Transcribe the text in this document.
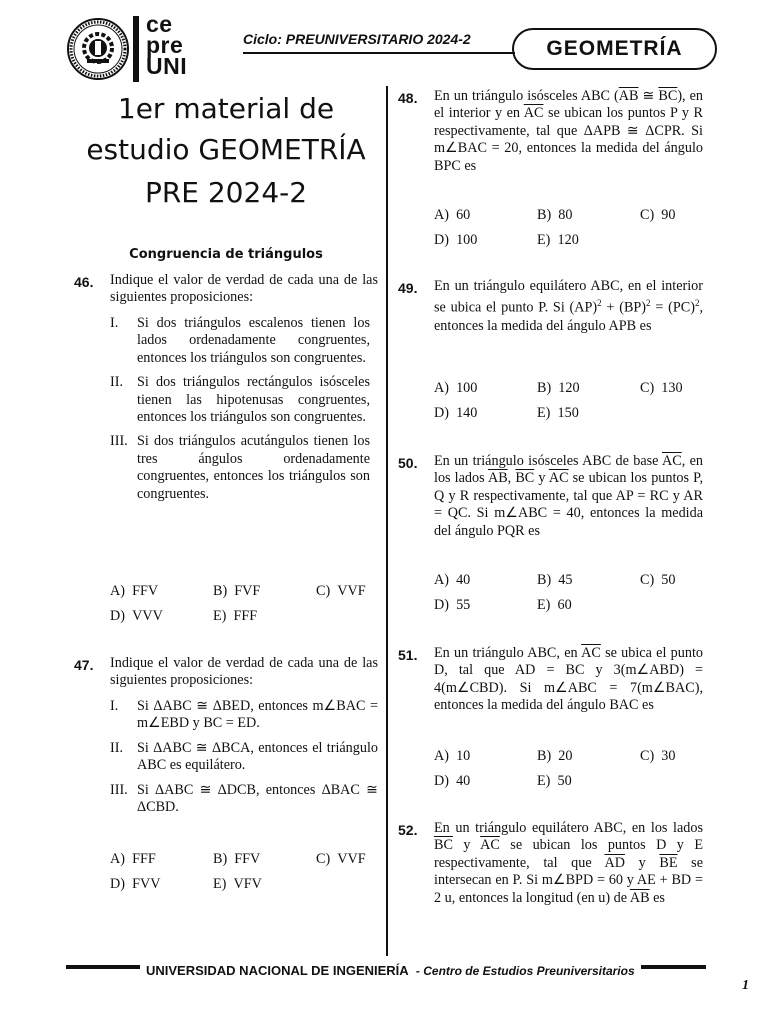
ce
pre
UNI
Ciclo: PREUNIVERSITARIO 2024-2	GEOMETRÍA
1er material de
estudio GEOMETRÍA
PRE 2024-2
Congruencia de triángulos
46. Indique el valor de verdad de cada una de las siguientes proposiciones:
I.	Si dos triángulos escalenos tienen los lados ordenadamente congruentes, entonces los triángulos son congruentes.
II. Si dos triángulos rectángulos isósceles tienen las hipotenusas congruentes, entonces los triángulos son congruentes.
III. Si dos triángulos acutángulos tienen los tres ángulos ordenadamente congruentes, entonces los triángulos son congruentes.
A) FFV	B) FVF	C) VVF
D) VVV	E) FFF
47. Indique el valor de verdad de cada una de las siguientes proposiciones:
I.	Si ΔABC ≅ ΔBED, entonces m∠BAC = m∠EBD y BC = ED.
II. Si ΔABC ≅ ΔBCA, entonces el triángulo ABC es equilátero.
III. Si ΔABC ≅ ΔDCB, entonces ΔBAC ≅ ΔCBD.
A) FFF	B) FFV	C) VVF
D) FVV	E) VFV
48. En un triángulo isósceles ABC ($\overline{AB}$ ≅ $\overline{BC}$), en el interior y en $\overline{AC}$ se ubican los puntos P y R respectivamente, tal que ΔAPB ≅ ΔCPR. Si m∠BAC = 20, entonces la medida del ángulo BPC es
A) 60	B) 80	C) 90
D) 100	E) 120
49. En un triángulo equilátero ABC, en el interior se ubica el punto P. Si (AP)$^2$ + (BP)$^2$ = (PC)$^2$, entonces la medida del ángulo APB es
A) 100	B) 120	C) 130
D) 140	E) 150
50. En un triángulo isósceles ABC de base $\overline{AC}$, en los lados $\overline{AB}$, $\overline{BC}$ y $\overline{AC}$ se ubican los puntos P, Q y R respectivamente, tal que AP = RC y AR = QC. Si m∠ABC = 40, entonces la medida del ángulo PQR es
A) 40	B) 45	C) 50
D) 55	E) 60
51. En un triángulo ABC, en $\overline{AC}$ se ubica el punto D, tal que AD = BC y 3(m∠ABD) = 4(m∠CBD). Si m∠ABC = 7(m∠BAC), entonces la medida del ángulo BAC es
A) 10	B) 20	C) 30
D) 40	E) 50
52. En un triángulo equilátero ABC, en los lados $\overline{BC}$ y $\overline{AC}$ se ubican los puntos D y E respectivamente, tal que $\overline{AD}$ y $\overline{BE}$ se intersecan en P. Si m∠BPD = 60 y AE + BD = 2 u, entonces la longitud (en u) de $\overline{AB}$ es
UNIVERSIDAD NACIONAL DE INGENIERÍA - Centro de Estudios Preuniversitarios
1
